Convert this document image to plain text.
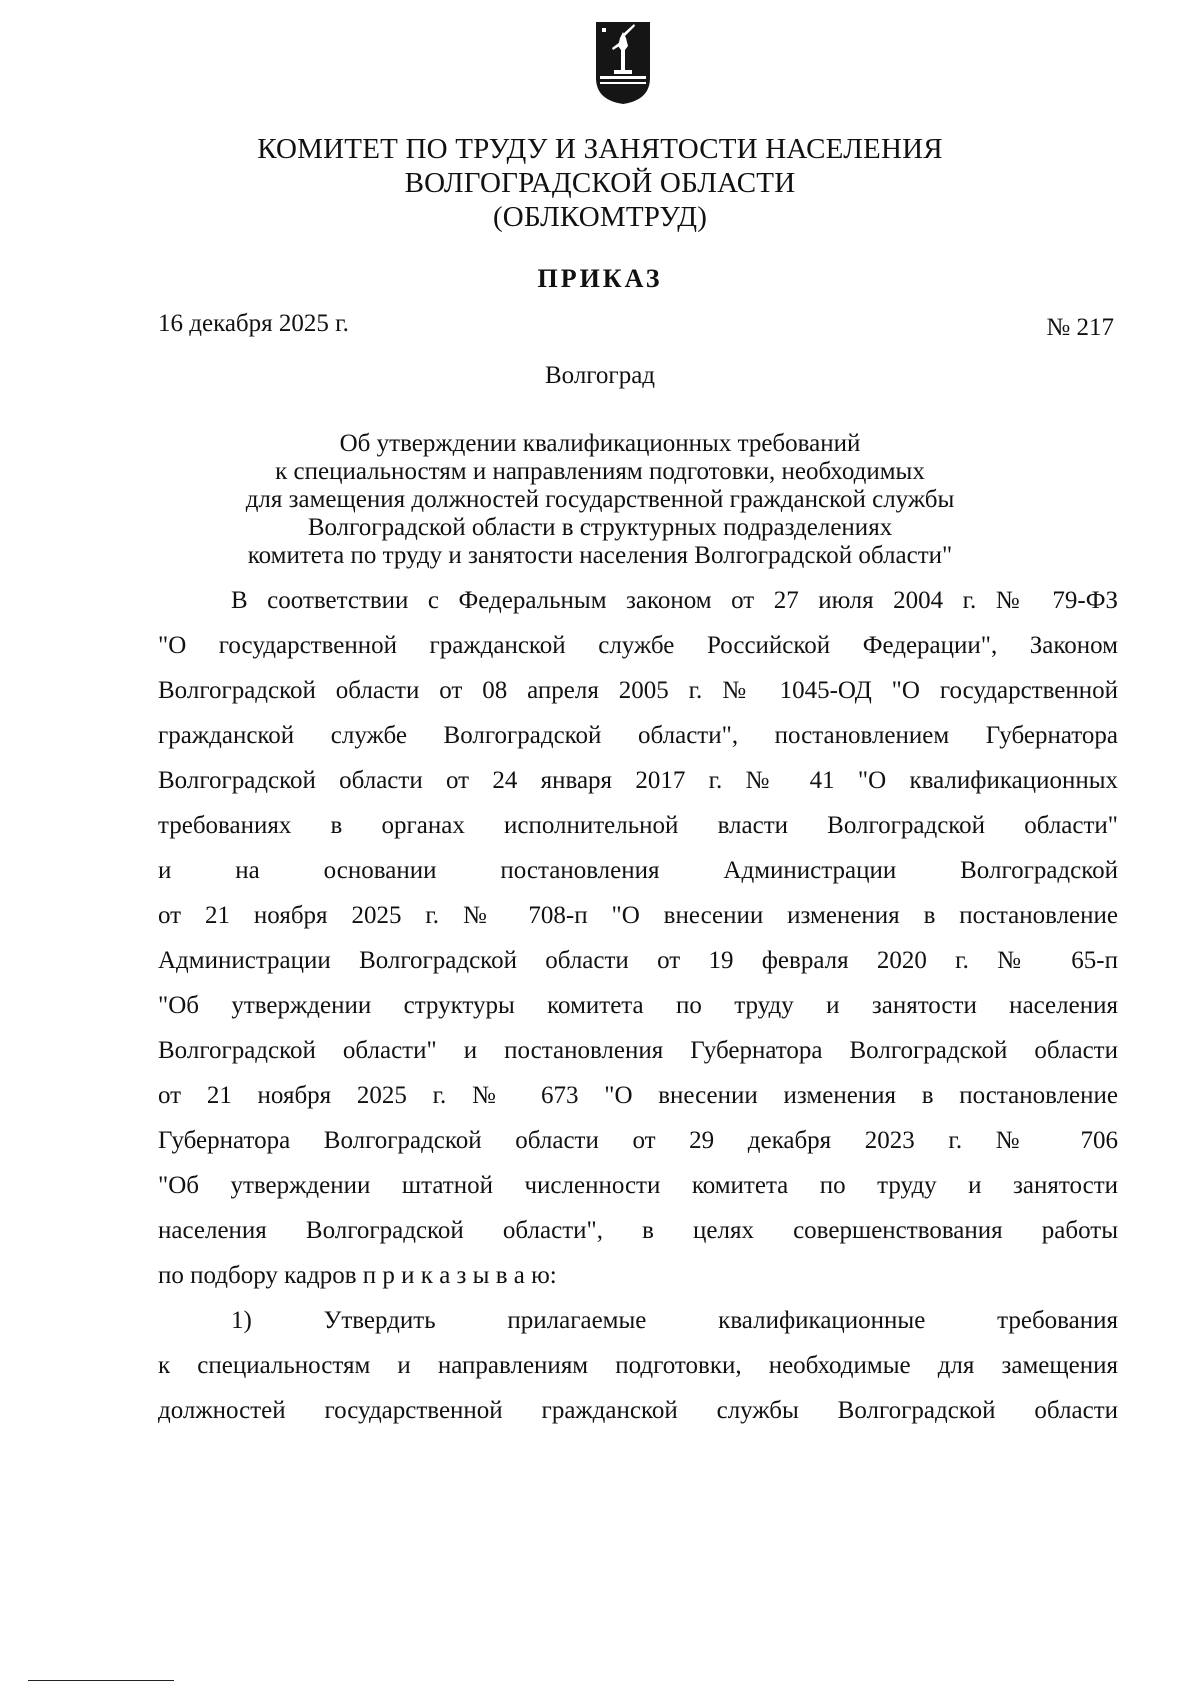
КОМИТЕТ ПО ТРУДУ И ЗАНЯТОСТИ НАСЕЛЕНИЯ
ВОЛГОГРАДСКОЙ ОБЛАСТИ
(ОБЛКОМТРУД)
ПРИКАЗ
16 декабря 2025 г.	№ 217
Волгоград
Об утверждении квалификационных требований
к специальностям и направлениям подготовки, необходимых
для замещения должностей государственной гражданской службы
Волгоградской области в структурных подразделениях
комитета по труду и занятости населения Волгоградской области"
В соответствии с Федеральным законом от 27 июля 2004 г. № 79-ФЗ
"О государственной гражданской службе Российской Федерации", Законом
Волгоградской области от 08 апреля 2005 г. № 1045-ОД "О государственной
гражданской службе Волгоградской области", постановлением Губернатора
Волгоградской области от 24 января 2017 г. № 41 "О квалификационных
требованиях в органах исполнительной власти Волгоградской области"
и на основании постановления Администрации Волгоградской
от 21 ноября 2025 г. № 708-п "О внесении изменения в постановление
Администрации Волгоградской области от 19 февраля 2020 г. № 65-п
"Об утверждении структуры комитета по труду и занятости населения
Волгоградской области" и постановления Губернатора Волгоградской области
от 21 ноября 2025 г. № 673 "О внесении изменения в постановление
Губернатора Волгоградской области от 29 декабря 2023 г. № 706
"Об утверждении штатной численности комитета по труду и занятости
населения Волгоградской области", в целях совершенствования работы
по подбору кадров п р и к а з ы в а ю:
1) Утвердить прилагаемые квалификационные требования
к специальностям и направлениям подготовки, необходимые для замещения
должностей государственной гражданской службы Волгоградской области
